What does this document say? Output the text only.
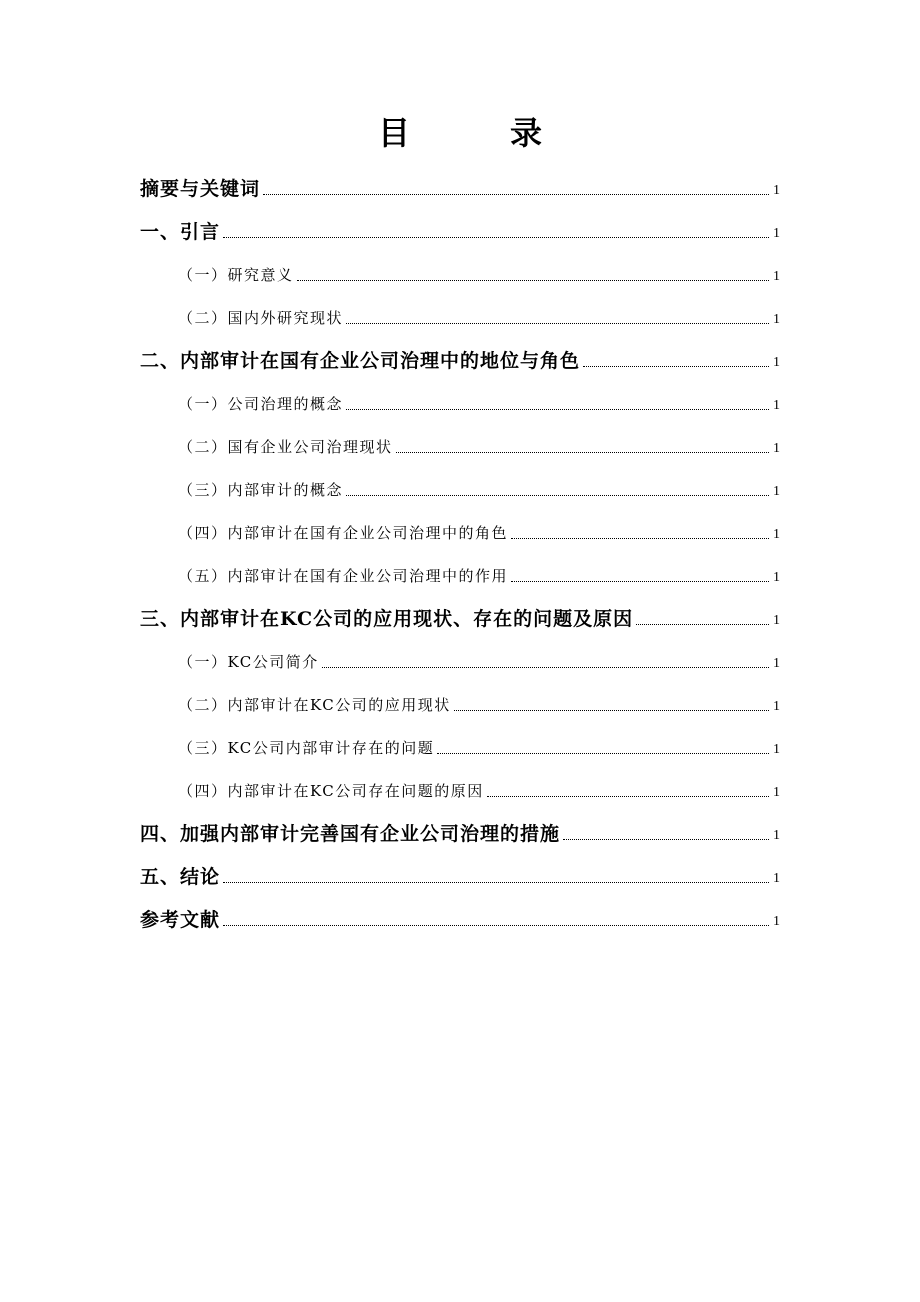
目　录
摘要与关键词	1
一、引言	1
（一）研究意义	1
（二）国内外研究现状	1
二、内部审计在国有企业公司治理中的地位与角色	1
（一）公司治理的概念	1
（二）国有企业公司治理现状	1
（三）内部审计的概念	1
（四）内部审计在国有企业公司治理中的角色	1
（五）内部审计在国有企业公司治理中的作用	1
三、内部审计在KC公司的应用现状、存在的问题及原因	1
（一）KC公司简介	1
（二）内部审计在KC公司的应用现状	1
（三）KC公司内部审计存在的问题	1
（四）内部审计在KC公司存在问题的原因	1
四、加强内部审计完善国有企业公司治理的措施	1
五、结论	1
参考文献	1
